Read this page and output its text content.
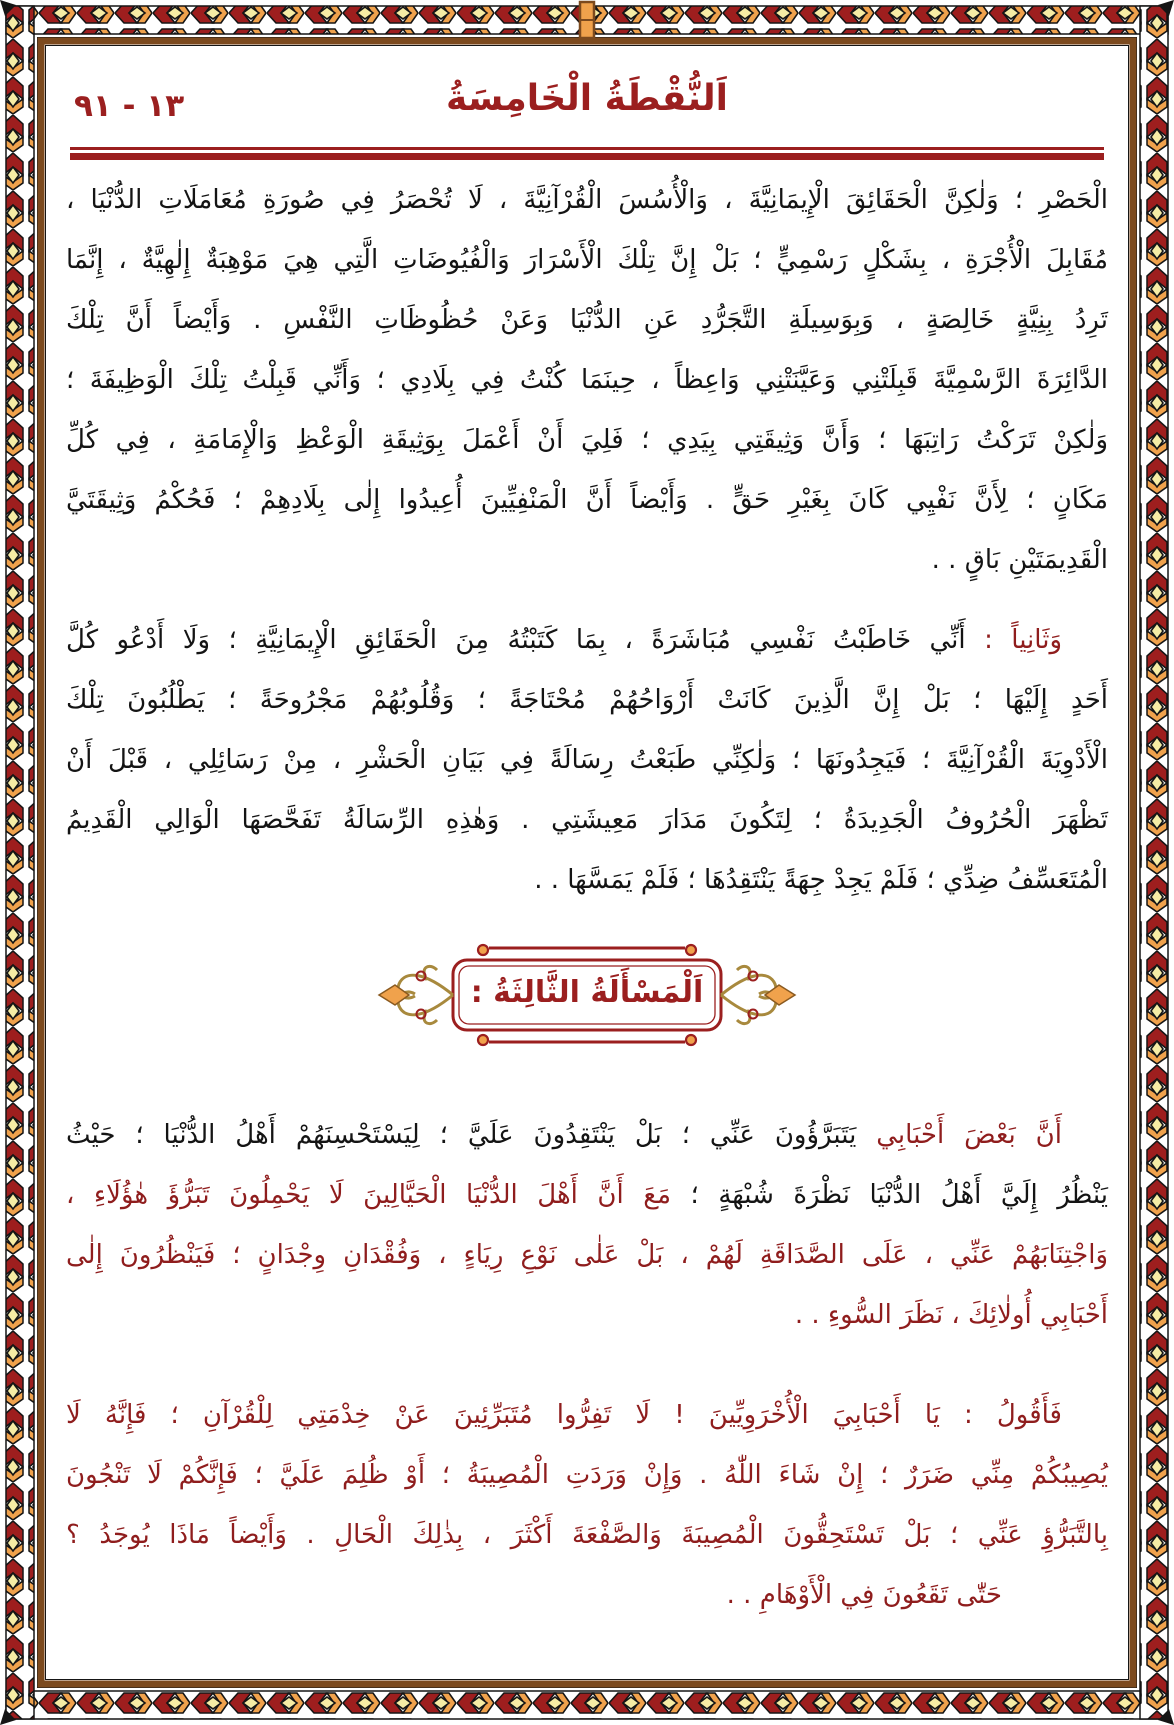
١٣ - ٩١	اَلنُّقْطَةُ الْخَامِسَةُ
الْحَصْرِ ؛ وَلٰكِنَّ الْحَقَائِقَ الْإِيمَانِيَّةَ ، وَالْأُسُسَ الْقُرْآنِيَّةَ ، لَا تُحْصَرُ فِي صُورَةِ مُعَامَلَاتِ الدُّنْيَا ،
مُقَابِلَ الْأُجْرَةِ ، بِشَكْلٍ رَسْمِيٍّ ؛ بَلْ إِنَّ تِلْكَ الْأَسْرَارَ وَالْفُيُوضَاتِ الَّتِي هِيَ مَوْهِبَةٌ إِلٰهِيَّةٌ ، إِنَّمَا
تَرِدُ بِنِيَّةٍ خَالِصَةٍ ، وَبِوَسِيلَةِ التَّجَرُّدِ عَنِ الدُّنْيَا وَعَنْ حُظُوظَاتِ النَّفْسِ . وَأَيْضاً أَنَّ تِلْكَ
الدَّائِرَةَ الرَّسْمِيَّةَ قَبِلَتْنِي وَعَيَّنَتْنِي وَاعِظاً ، حِينَمَا كُنْتُ فِي بِلَادِي ؛ وَأَنِّي قَبِلْتُ تِلْكَ الْوَظِيفَةَ ؛
وَلٰكِنْ تَرَكْتُ رَاتِبَهَا ؛ وَأَنَّ وَثِيقَتِي بِيَدِي ؛ فَلِيَ أَنْ أَعْمَلَ بِوَثِيقَةِ الْوَعْظِ وَالْإِمَامَةِ ، فِي كُلِّ
مَكَانٍ ؛ لِأَنَّ نَفْيِي كَانَ بِغَيْرِ حَقٍّ . وَأَيْضاً أَنَّ الْمَنْفِيِّينَ أُعِيدُوا إِلٰى بِلَادِهِمْ ؛ فَحُكْمُ وَثِيقَتَيَّ
الْقَدِيمَتَيْنِ بَاقٍ . .
وَثَانِياً : أَنِّي خَاطَبْتُ نَفْسِي مُبَاشَرَةً ، بِمَا كَتَبْتُهُ مِنَ الْحَقَائِقِ الْإِيمَانِيَّةِ ؛ وَلَا أَدْعُو كُلَّ
أَحَدٍ إِلَيْهَا ؛ بَلْ إِنَّ الَّذِينَ كَانَتْ أَرْوَاحُهُمْ مُحْتَاجَةً ؛ وَقُلُوبُهُمْ مَجْرُوحَةً ؛ يَطْلُبُونَ تِلْكَ
الْأَدْوِيَةَ الْقُرْآنِيَّةَ ؛ فَيَجِدُونَهَا ؛ وَلٰكِنِّي طَبَعْتُ رِسَالَةً فِي بَيَانِ الْحَشْرِ ، مِنْ رَسَائِلِي ، قَبْلَ أَنْ
تَظْهَرَ الْحُرُوفُ الْجَدِيدَةُ ؛ لِتَكُونَ مَدَارَ مَعِيشَتِي . وَهٰذِهِ الرِّسَالَةُ تَفَحَّصَهَا الْوَالِي الْقَدِيمُ
الْمُتَعَسِّفُ ضِدِّي ؛ فَلَمْ يَجِدْ جِهَةً يَنْتَقِدُهَا ؛ فَلَمْ يَمَسَّهَا . .
اَلْمَسْأَلَةُ الثَّالِثَةُ :
أَنَّ بَعْضَ أَحْبَابِي يَتَبَرَّؤُونَ عَنِّي ؛ بَلْ يَنْتَقِدُونَ عَلَيَّ ؛ لِيَسْتَحْسِنَهُمْ أَهْلُ الدُّنْيَا ؛ حَيْثُ
يَنْظُرُ إِلَيَّ أَهْلُ الدُّنْيَا نَظْرَةَ شُبْهَةٍ ؛ مَعَ أَنَّ أَهْلَ الدُّنْيَا الْحَيَّالِينَ لَا يَحْمِلُونَ تَبَرُّؤَ هٰؤُلَاءِ ،
وَاجْتِنَابَهُمْ عَنِّي ، عَلَى الصَّدَاقَةِ لَهُمْ ، بَلْ عَلٰى نَوْعِ رِيَاءٍ ، وَفُقْدَانِ وِجْدَانٍ ؛ فَيَنْظُرُونَ إِلٰى
أَحْبَابِي أُولٰائِكَ ، نَظَرَ السُّوءِ . .
فَأَقُولُ : يَا أَحْبَابِيَ الْأُخْرَوِيِّينَ ! لَا تَفِرُّوا مُتَبَرِّئِينَ عَنْ خِدْمَتِي لِلْقُرْآنِ ؛ فَإِنَّهُ لَا
يُصِيبُكُمْ مِنِّي ضَرَرٌ ؛ إِنْ شَاءَ اللّٰهُ . وَإِنْ وَرَدَتِ الْمُصِيبَةُ ؛ أَوْ ظُلِمَ عَلَيَّ ؛ فَإِنَّكُمْ لَا تَنْجُونَ
بِالتَّبَرُّؤِ عَنِّي ؛ بَلْ تَسْتَحِقُّونَ الْمُصِيبَةَ وَالصَّفْعَةَ أَكْثَرَ ، بِذٰلِكَ الْحَالِ . وَأَيْضاً مَاذَا يُوجَدُ ؟
حَتّٰى تَقَعُونَ فِي الْأَوْهَامِ . .
